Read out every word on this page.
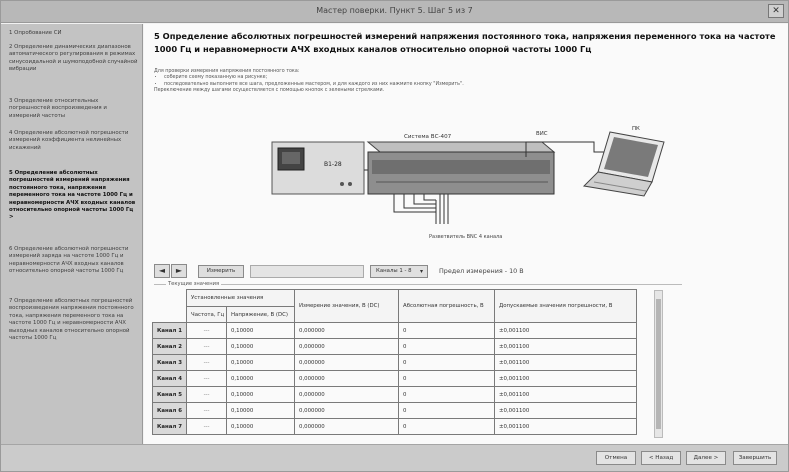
Мастер поверки. Пункт 5. Шаг 5 из 7	✕
1 Опробование СИ
2 Определение динамических диапазонов автоматического регулирования в режимах синусоидальной и шумоподобной случайной вибрации
3 Определение относительных погрешностей воспроизведения и измерений частоты
4 Определение абсолютной погрешности измерений коэффициента нелинейных искажений
5 Определение абсолютных погрешностей измерений напряжения постоянного тока, напряжения переменного тока на частоте 1000 Гц и неравномерности АЧХ входных каналов относительно опорной частоты 1000 Гц >
6 Определение абсолютной погрешности измерений заряда на частоте 1000 Гц и неравномерности АЧХ входных каналов относительно опорной частоты 1000 Гц
7 Определение абсолютных погрешностей воспроизведения напряжения постоянного тока, напряжения переменного тока на частоте 1000 Гц и неравномерности АЧХ выходных каналов относительно опорной частоты 1000 Гц
5 Определение абсолютных погрешностей измерений напряжения постоянного тока, напряжения переменного тока на частоте 1000 Гц и неравномерности АЧХ входных каналов относительно опорной частоты 1000 Гц
Для проверки измерения напряжения постоянного тока:
• соберите схему показанную на рисунке;
• последовательно выполните все шага, предложенные мастером, и для каждого из них нажмите кнопку "Измерить".
Переключение между шагами осуществляется с помощью кнопок с зелеными стрелками.
В1-28
Система ВС-407
Разветвитель BNC 4 канала
ВИС
ПК
◄	►	Измерить	Каналы 1 - 8 ▾	Предел измерения - 10 В
Текущие значения
	Установленные значения		Измерение значения, В (DC)	Абсолютная погрешность, В	Допускаемые значения погрешности, В
	Частота, Гц	Напряжение, В (DC)			
Канал 1	---	0,10000	0,000000	0	±0,001100
Канал 2	---	0,10000	0,000000	0	±0,001100
Канал 3	---	0,10000	0,000000	0	±0,001100
Канал 4	---	0,10000	0,000000	0	±0,001100
Канал 5	---	0,10000	0,000000	0	±0,001100
Канал 6	---	0,10000	0,000000	0	±0,001100
Канал 7	---	0,10000	0,000000	0	±0,001100
Отмена	< Назад	Далее >	Завершить
